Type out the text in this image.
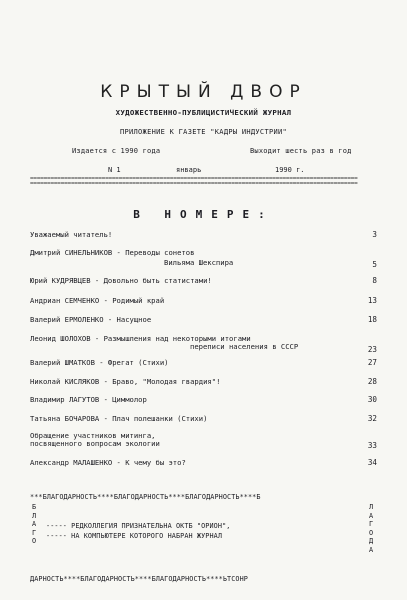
КРЫТЫЙ ДВОР
ХУДОЖЕСТВЕННО-ПУБЛИЦИСТИЧЕСКИЙ ЖУРНАЛ
ПРИЛОЖЕНИЕ К ГАЗЕТЕ "КАДРЫ ИНДУСТРИИ"
Издается с 1990 года	Выходит шесть раз в год
N 1	январь	1990 г.
================================================================================================
================================================================================================
В НОМЕРЕ:
Уважаемый читатель!	3
Дмитрий СИНЕЛЬНИКОВ - Переводы сонетов
Вильяма Шекспира	5
Юрий КУДРЯВЦЕВ - Довольно быть статистами!	8
Андриан СЕМЧЕНКО - Родимый край	13
Валерий ЕРМОЛЕНКО - Насущное	18
Леонид ШОЛОХОВ - Размышления над некоторыми итогами
переписи населения в СССР	23
Валерий ШМАТКОВ - Фрегат (Стихи)	27
Николай КИСЛЯКОВ - Браво, "Молодая гвардия"!	28
Владимир ЛАГУТОВ - Циммолор	30
Татьяна БОЧАРОВА - Плач полешанки (Стихи)	32
Обращение участников митинга,
посвященного вопросам экологии	33
Александр МАЛАШЕНКО - К чему бы это?	34
***БЛАГОДАРНОСТЬ****БЛАГОДАРНОСТЬ****БЛАГОДАРНОСТЬ****Б
Б
Л
А
Г
О
Л
А
Г
О
Д
А
----- РЕДКОЛЛЕГИЯ ПРИЗНАТЕЛЬНА ОКТБ "ОРИОН",
----- НА КОМПЬЮТЕРЕ КОТОРОГО НАБРАН ЖУРНАЛ
ДАРНОСТЬ****БЛАГОДАРНОСТЬ****БЛАГОДАРНОСТЬ****ЬТСОНР
